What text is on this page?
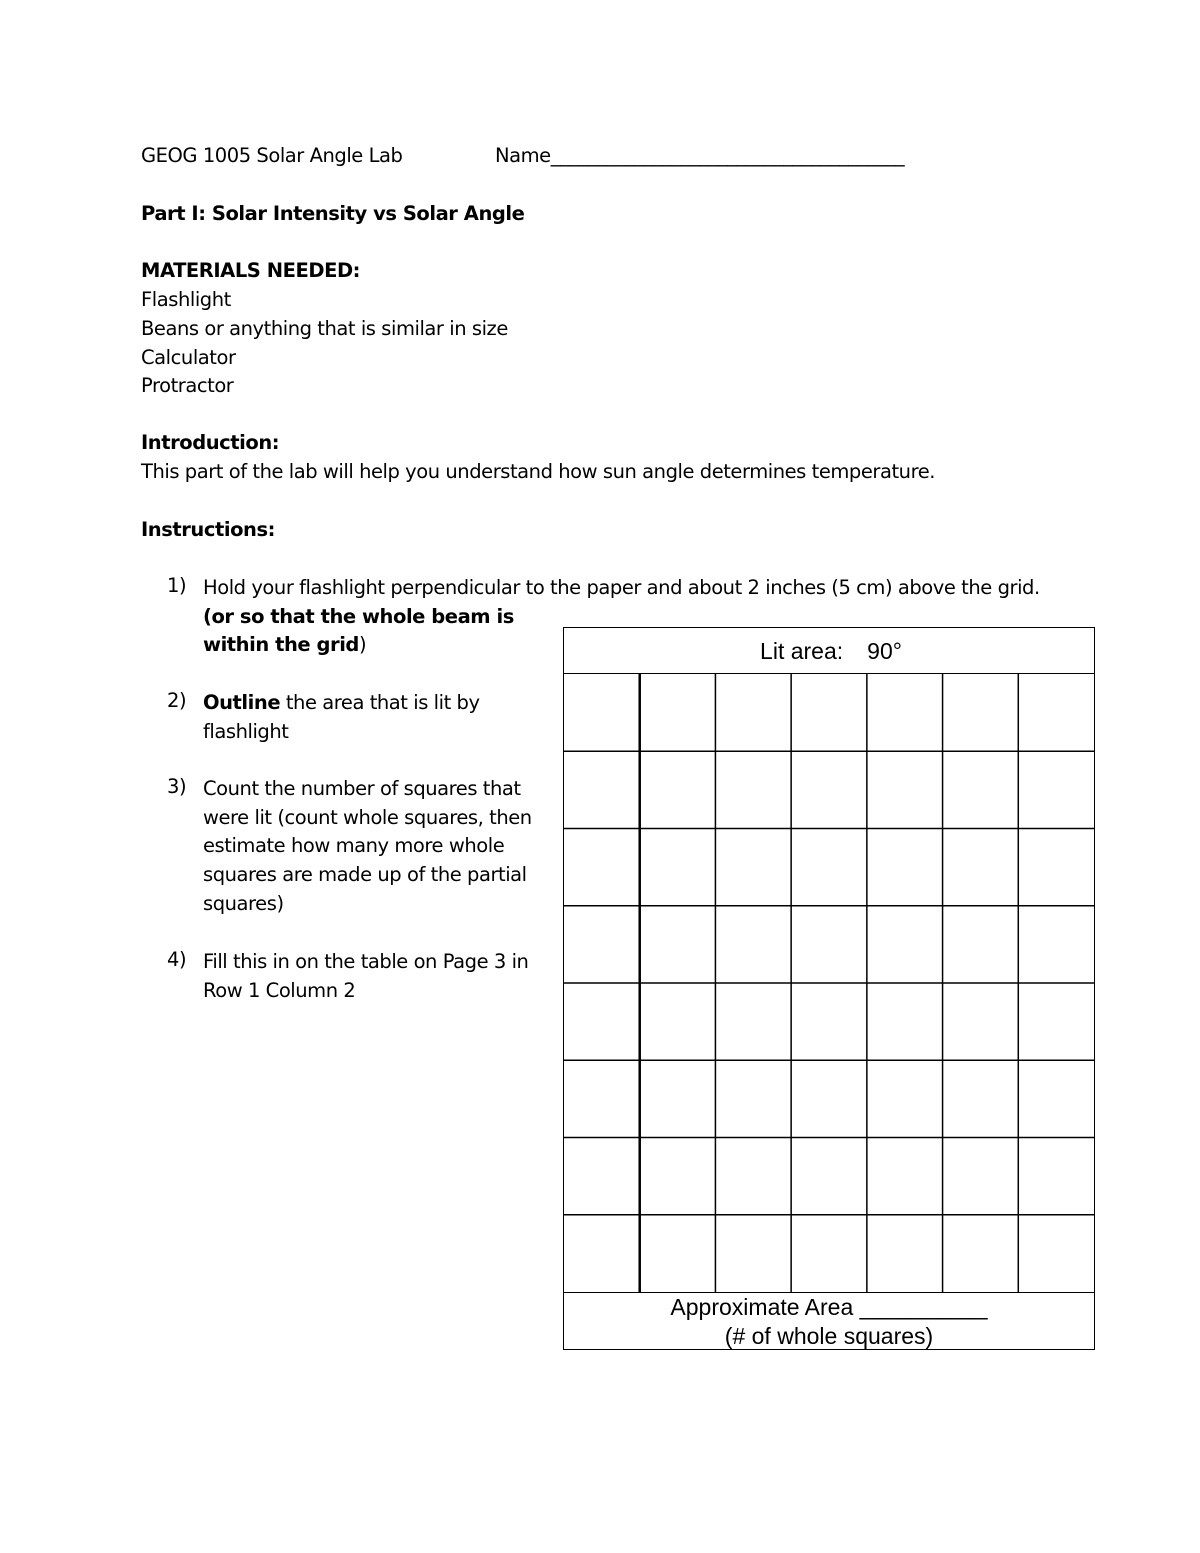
GEOG 1005 Solar Angle Lab	Name______________________________________
Part I: Solar Intensity vs Solar Angle
MATERIALS NEEDED:
Flashlight
Beans or anything that is similar in size
Calculator
Protractor
Introduction:
This part of the lab will help you understand how sun angle determines temperature.
Instructions:
1) Hold your flashlight perpendicular to the paper and about 2 inches (5 cm) above the grid.
(or so that the whole beam is
within the grid)
2) Outline the area that is lit by flashlight
3) Count the number of squares that were lit (count whole squares, then estimate how many more whole squares are made up of the partial squares)
4) Fill this in on the table on Page 3 in Row 1 Column 2
Lit area: 90°
Approximate Area __________
(# of whole squares)
